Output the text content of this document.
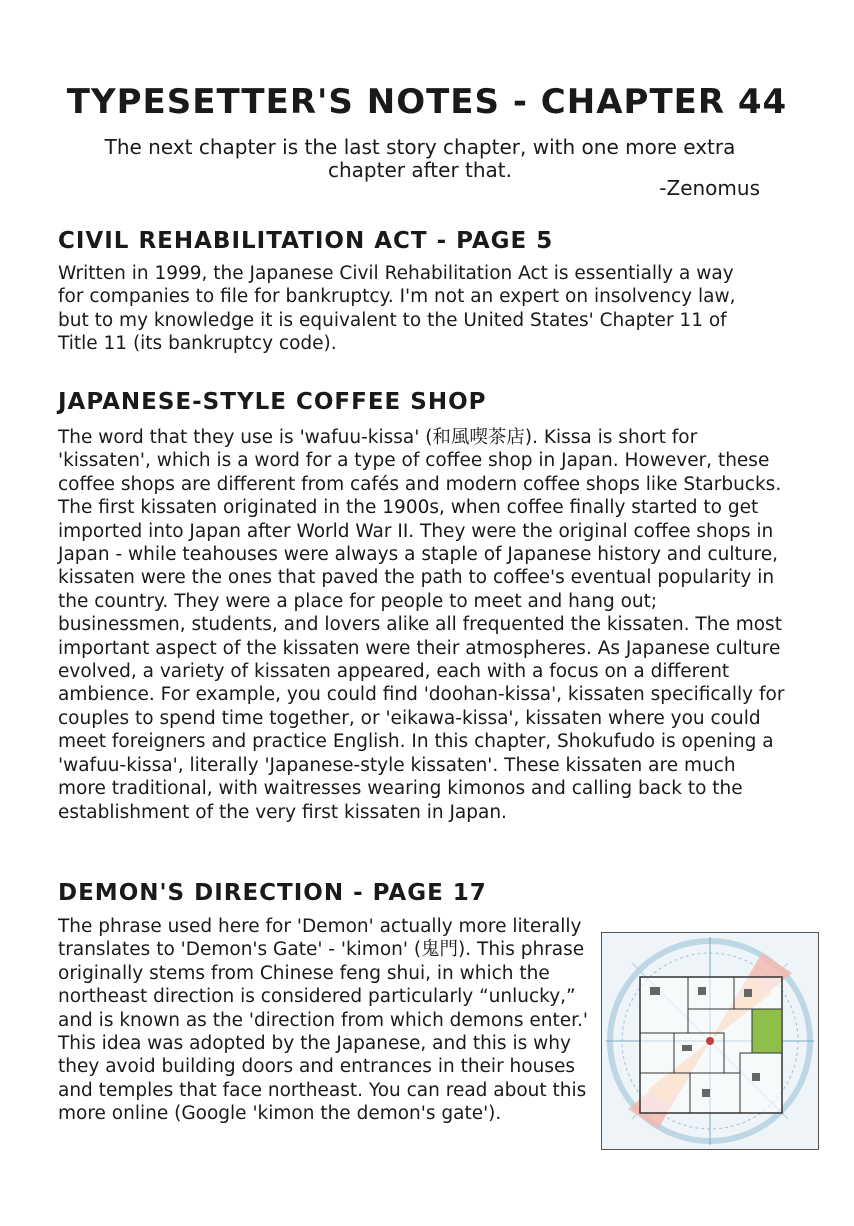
TYPESETTER'S NOTES - CHAPTER 44
The next chapter is the last story chapter, with one more extra chapter after that.
-Zenomus
CIVIL REHABILITATION ACT - PAGE 5
Written in 1999, the Japanese Civil Rehabilitation Act is essentially a way for companies to file for bankruptcy. I'm not an expert on insolvency law, but to my knowledge it is equivalent to the United States' Chapter 11 of Title 11 (its bankruptcy code).
JAPANESE-STYLE COFFEE SHOP
The word that they use is 'wafuu-kissa' (和風喫茶店). Kissa is short for 'kissaten', which is a word for a type of coffee shop in Japan. However, these coffee shops are different from cafés and modern coffee shops like Starbucks. The first kissaten originated in the 1900s, when coffee finally started to get imported into Japan after World War II. They were the original coffee shops in Japan - while teahouses were always a staple of Japanese history and culture, kissaten were the ones that paved the path to coffee's eventual popularity in the country. They were a place for people to meet and hang out; businessmen, students, and lovers alike all frequented the kissaten. The most important aspect of the kissaten were their atmospheres. As Japanese culture evolved, a variety of kissaten appeared, each with a focus on a different ambience. For example, you could find 'doohan-kissa', kissaten specifically for couples to spend time together, or 'eikawa-kissa', kissaten where you could meet foreigners and practice English. In this chapter, Shokufudo is opening a 'wafuu-kissa', literally 'Japanese-style kissaten'. These kissaten are much more traditional, with waitresses wearing kimonos and calling back to the establishment of the very first kissaten in Japan.
DEMON'S DIRECTION - PAGE 17
The phrase used here for 'Demon' actually more literally translates to 'Demon's Gate' - 'kimon' (鬼門). This phrase originally stems from Chinese feng shui, in which the northeast direction is considered particularly “unlucky,” and is known as the 'direction from which demons enter.' This idea was adopted by the Japanese, and this is why they avoid building doors and entrances in their houses and temples that face northeast. You can read about this more online (Google 'kimon the demon's gate').
